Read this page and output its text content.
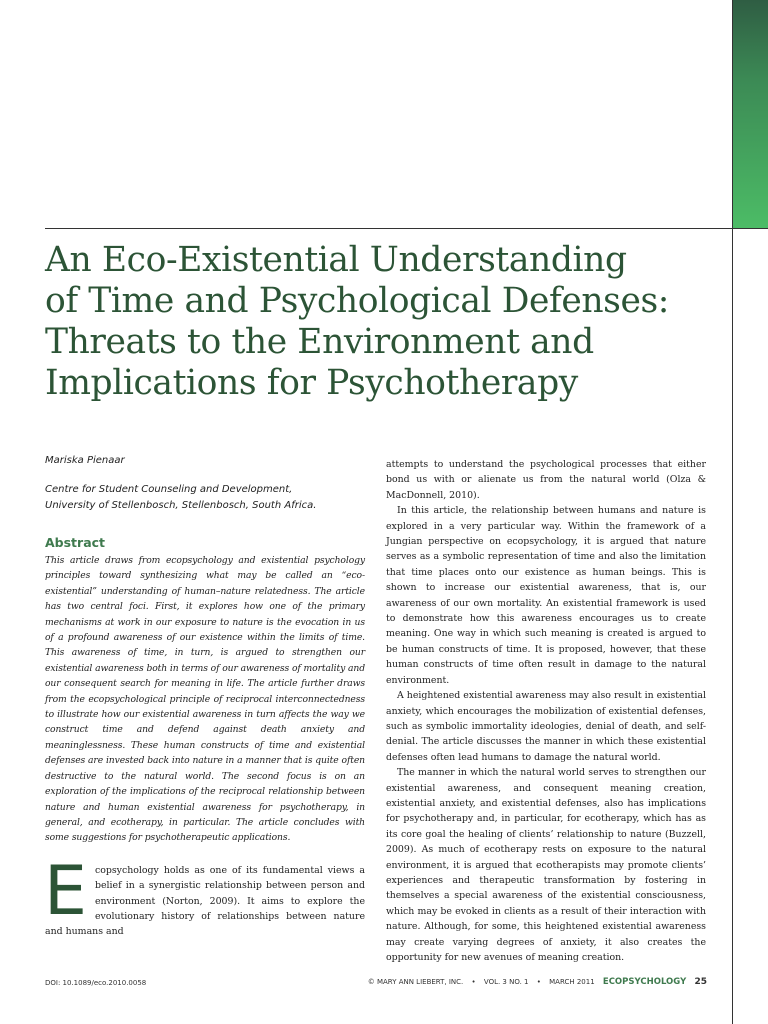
An Eco-Existential Understanding
of Time and Psychological Defenses:
Threats to the Environment and
Implications for Psychotherapy

Mariska Pienaar

Centre for Student Counseling and Development,
University of Stellenbosch, Stellenbosch, South Africa.

Abstract

This article draws from ecopsychology and existential psychology principles toward synthesizing what may be called an “eco-existential” understanding of human–nature relatedness. The article has two central foci. First, it explores how one of the primary mechanisms at work in our exposure to nature is the evocation in us of a profound awareness of our existence within the limits of time. This awareness of time, in turn, is argued to strengthen our existential awareness both in terms of our awareness of mortality and our consequent search for meaning in life. The article further draws from the ecopsychological principle of reciprocal interconnectedness to illustrate how our existential awareness in turn affects the way we construct time and defend against death anxiety and meaninglessness. These human constructs of time and existential defenses are invested back into nature in a manner that is quite often destructive to the natural world. The second focus is on an exploration of the implications of the reciprocal relationship between nature and human existential awareness for psychotherapy, in general, and ecotherapy, in particular. The article concludes with some suggestions for psychotherapeutic applications.

E copsychology holds as one of its fundamental views a belief in a synergistic relationship between person and environment (Norton, 2009). It aims to explore the evolutionary history of relationships between nature and humans and

attempts to understand the psychological processes that either bond us with or alienate us from the natural world (Olza & MacDonnell, 2010).

In this article, the relationship between humans and nature is explored in a very particular way. Within the framework of a Jungian perspective on ecopsychology, it is argued that nature serves as a symbolic representation of time and also the limitation that time places onto our existence as human beings. This is shown to increase our existential awareness, that is, our awareness of our own mortality. An existential framework is used to demonstrate how this awareness encourages us to create meaning. One way in which such meaning is created is argued to be human constructs of time. It is proposed, however, that these human constructs of time often result in damage to the natural environment.

A heightened existential awareness may also result in existential anxiety, which encourages the mobilization of existential defenses, such as symbolic immortality ideologies, denial of death, and self-denial. The article discusses the manner in which these existential defenses often lead humans to damage the natural world.

The manner in which the natural world serves to strengthen our existential awareness, and consequent meaning creation, existential anxiety, and existential defenses, also has implications for psychotherapy and, in particular, for ecotherapy, which has as its core goal the healing of clients’ relationship to nature (Buzzell, 2009). As much of ecotherapy rests on exposure to the natural environment, it is argued that ecotherapists may promote clients’ experiences and therapeutic transformation by fostering in themselves a special awareness of the existential consciousness, which may be evoked in clients as a result of their interaction with nature. Although, for some, this heightened existential awareness may create varying degrees of anxiety, it also creates the opportunity for new avenues of meaning creation.

DOI: 10.1089/eco.2010.0058	© MARY ANN LIEBERT, INC. • VOL. 3 NO. 1 • MARCH 2011 ECOPSYCHOLOGY 25
